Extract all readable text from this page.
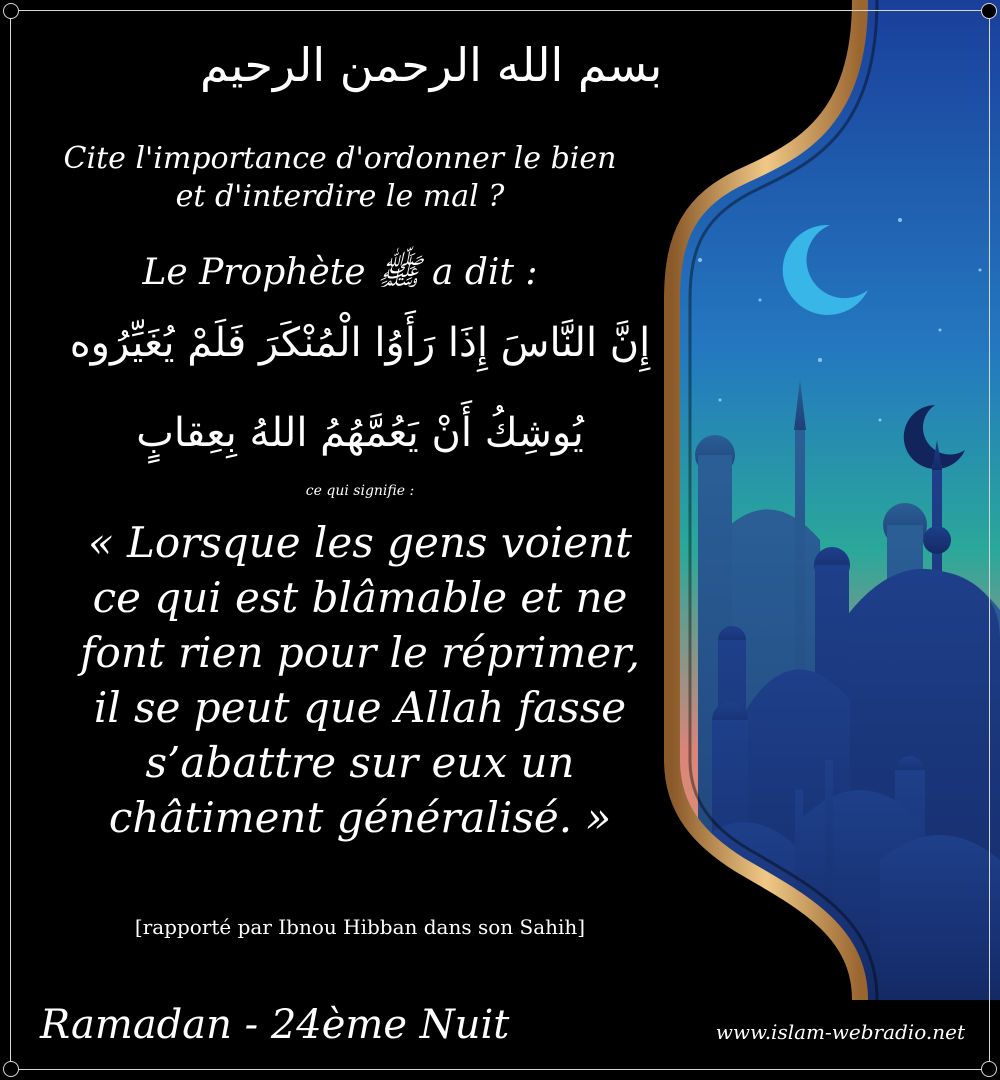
بسم الله الرحمن الرحيم
Cite l'importance d'ordonner le bien et d'interdire le mal ?
Le Prophète ﷺ a dit :
إِنَّ النَّاسَ إِذَا رَأَوُا الْمُنْكَرَ فَلَمْ يُغَيِّرُوه
يُوشِكُ أَنْ يَعُمَّهُمُ اللهُ بِعِقابٍ
ce qui signifie :
« Lorsque les gens voient ce qui est blâmable et ne font rien pour le réprimer, il se peut que Allah fasse s’abattre sur eux un châtiment généralisé. »
[rapporté par Ibnou Hibban dans son Sahih]
Ramadan - 24ème Nuit	www.islam-webradio.net
